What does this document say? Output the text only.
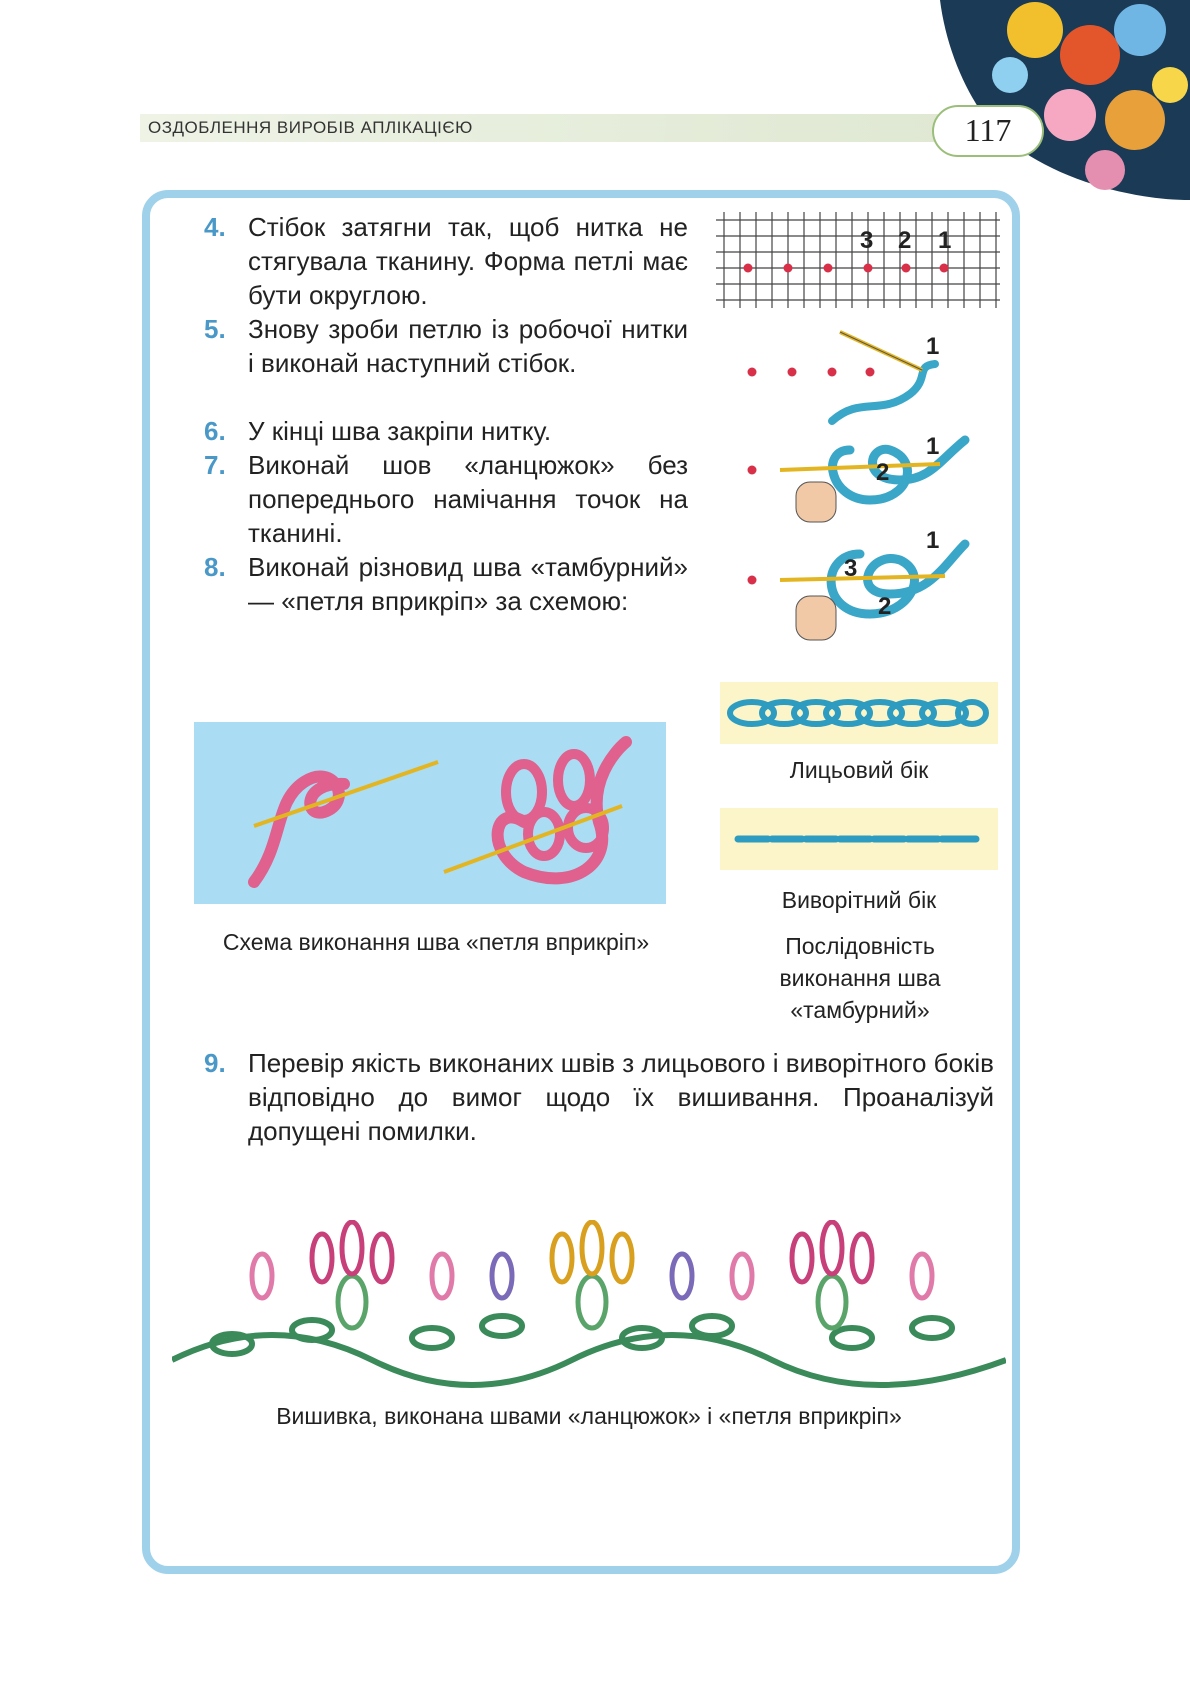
ОЗДОБЛЕННЯ ВИРОБІВ АПЛІКАЦІЄЮ	117
4. Стібок затягни так, щоб нитка не стягувала тканину. Форма петлі має бути округлою.
5. Знову зроби петлю із робочої нитки і виконай наступний стібок.
6. У кінці шва закріпи нитку.
7. Виконай шов «ланцюжок» без попереднього намічання точок на тканині.
8. Виконай різновид шва «тамбурний» — «петля вприкріп» за схемою:
3 2 1
1
1
2
1
3
2
Лицьовий бік
Виворітний бік
Послідовність виконання шва «тамбурний»
Схема виконання шва «петля вприкріп»
9. Перевір якість виконаних швів з лицьового і виворітного боків відповідно до вимог щодо їх вишивання. Проаналізуй допущені помилки.
Вишивка, виконана швами «ланцюжок» і «петля вприкріп»
